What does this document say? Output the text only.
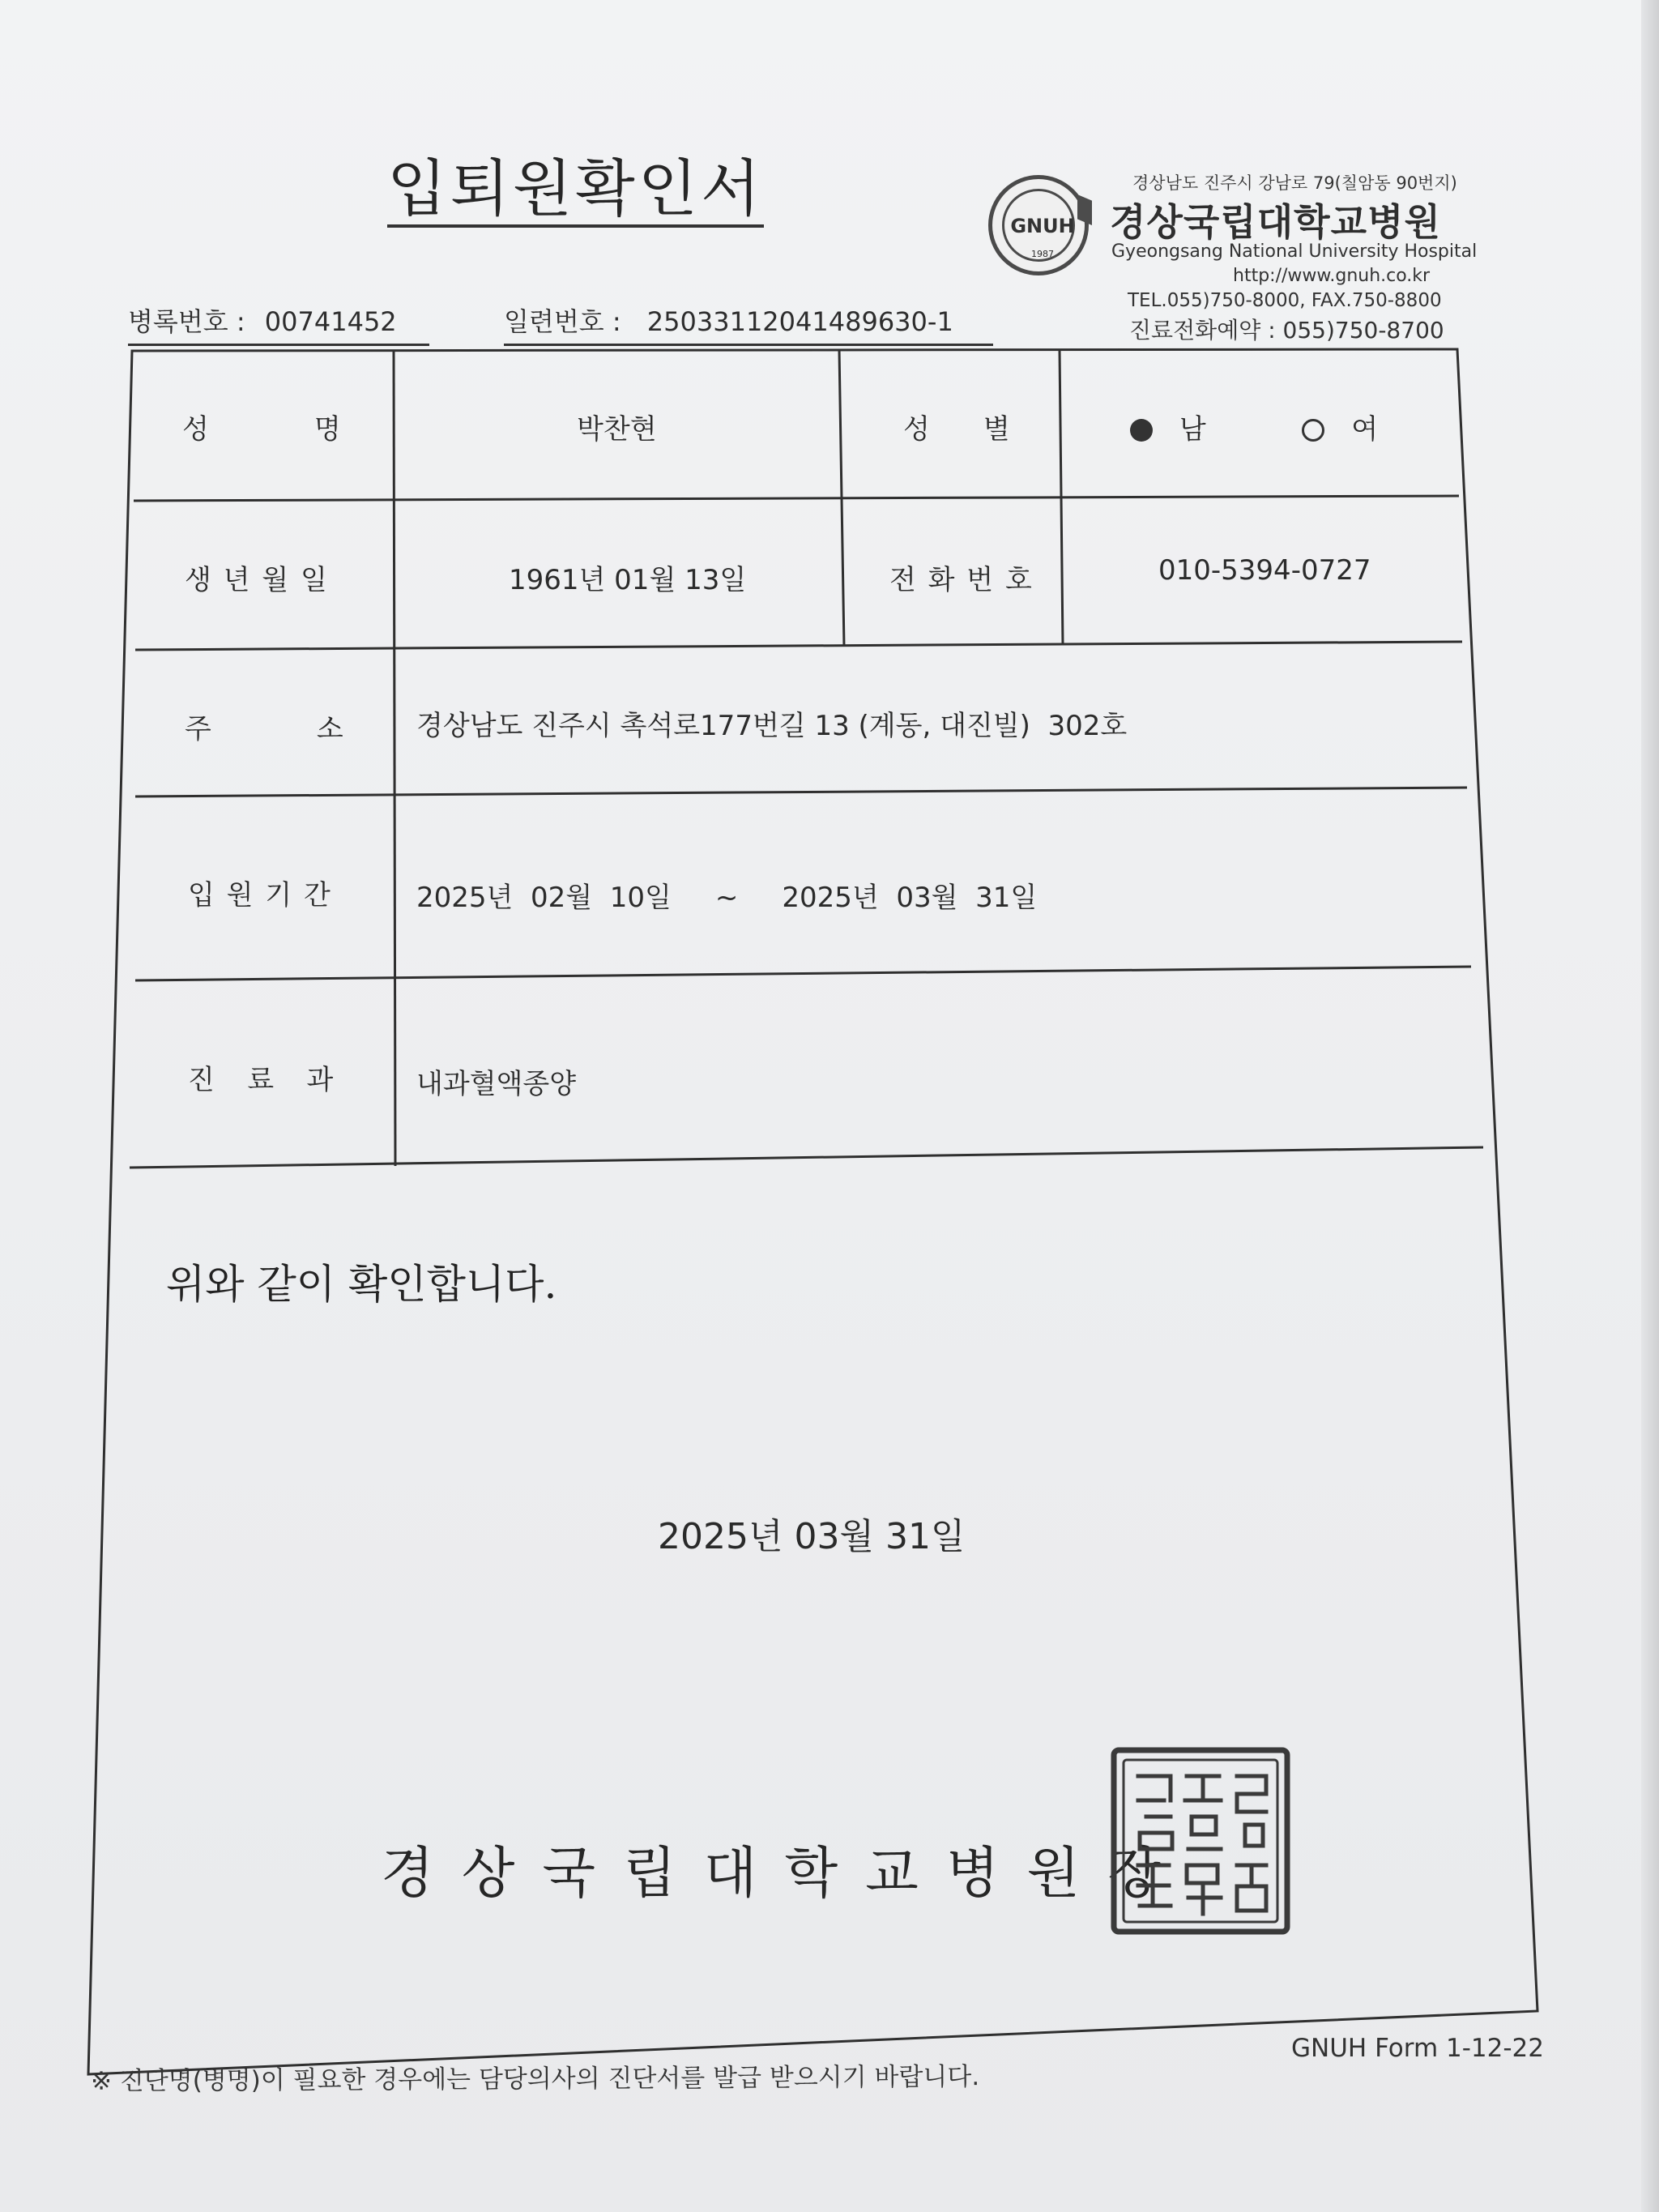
입퇴원확인서
병록번호 : 00741452	일련번호 : 25033112041489630-1
GNUH
1987
경상남도 진주시 강남로 79(칠암동 90번지)
경상국립대학교병원
Gyeongsang National University Hospital
http://www.gnuh.co.kr
TEL.055)750-8000, FAX.750-8800
진료전화예약 : 055)750-8700
성          명	박찬현	성     별	남	여
생 년 월 일	1961년 01월 13일	전 화 번 호	010-5394-0727
주          소	경상남도 진주시 촉석로177번길 13 (계동, 대진빌)  302호
입 원 기 간	2025년  02월  10일     ~     2025년  03월  31일
진   료   과	내과혈액종양
위와 같이 확인합니다.
2025년 03월 31일
경상국립대학교병원장
GNUH Form 1-12-22
※ 진단명(병명)이 필요한 경우에는 담당의사의 진단서를 발급 받으시기 바랍니다.
